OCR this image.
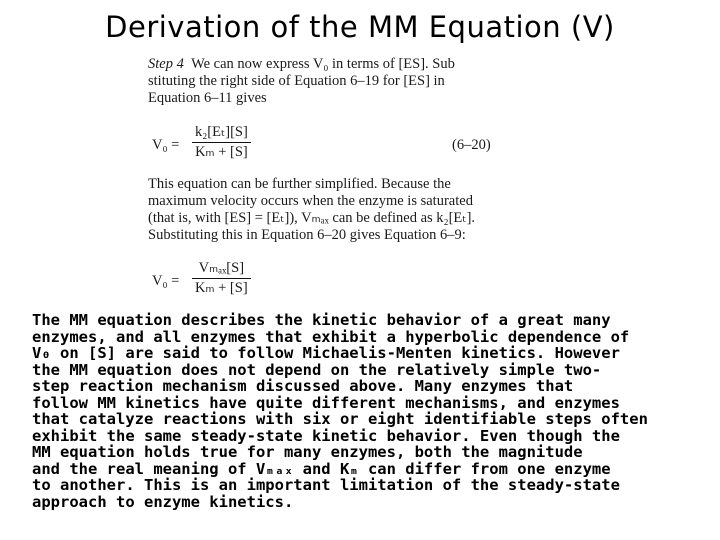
Derivation of the MM Equation (V)
Step 4 We can now express V₀ in terms of [ES]. Sub
stituting the right side of Equation 6–19 for [ES] in
Equation 6–11 gives
$V_0 = \frac{\text{k₂[Eₜ][S]}}{\text{Kₘ + [S]}}$	(6–20)
This equation can be further simplified. Because the
maximum velocity occurs when the enzyme is saturated
(that is, with [ES] = [Eₜ]), Vₘₐₓ can be defined as k₂[Eₜ].
Substituting this in Equation 6–20 gives Equation 6–9:
V₀ =
Vₘₐₓ[S]
Kₘ + [S]
The MM equation describes the kinetic behavior of a great many
enzymes, and all enzymes that exhibit a hyperbolic dependence of
V₀ on [S] are said to follow Michaelis-Menten kinetics. However
the MM equation does not depend on the relatively simple two-
step reaction mechanism discussed above. Many enzymes that
follow MM kinetics have quite different mechanisms, and enzymes
that catalyze reactions with six or eight identifiable steps often
exhibit the same steady-state kinetic behavior. Even though the
MM equation holds true for many enzymes, both the magnitude
and the real meaning of Vₘₐₓ and Kₘ can differ from one enzyme
to another. This is an important limitation of the steady-state
approach to enzyme kinetics.
